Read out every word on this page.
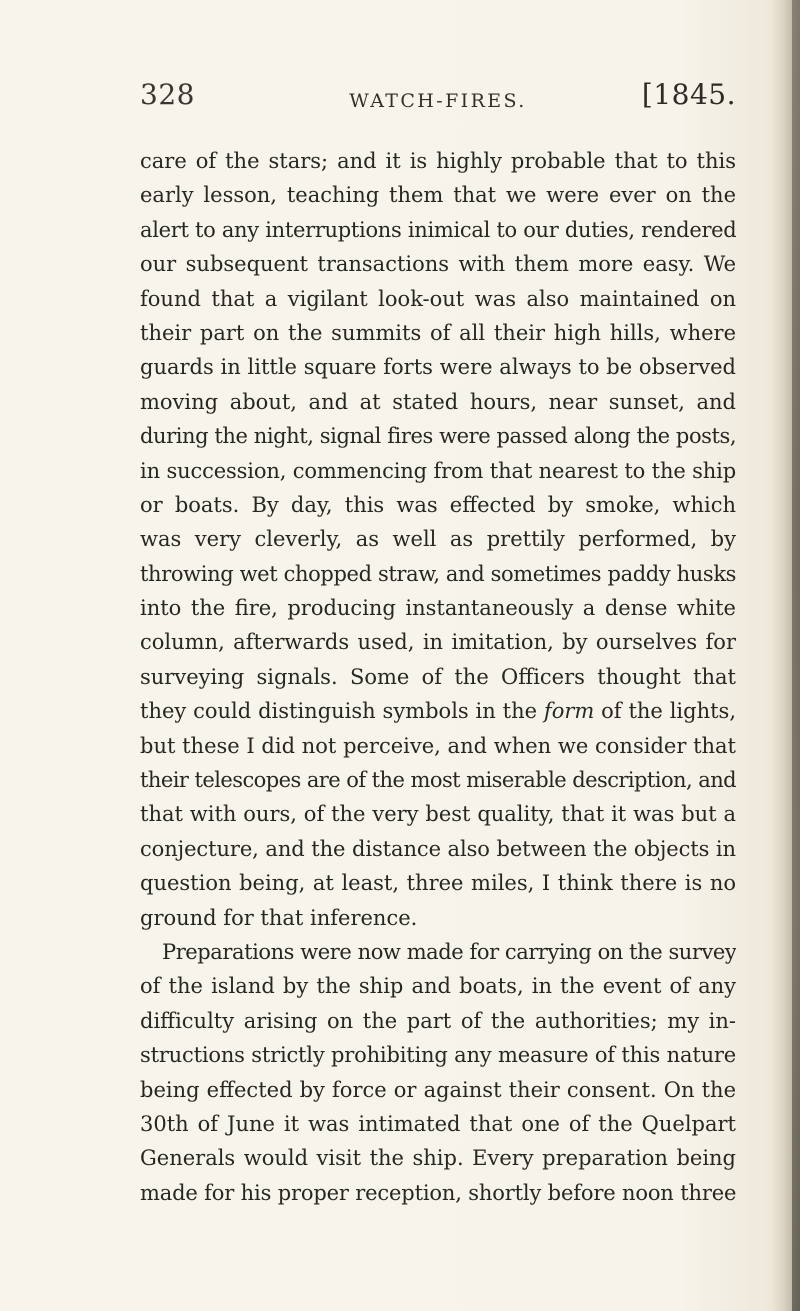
328	WATCH-FIRES.	[1845.
care of the stars; and it is highly probable that to this
early lesson, teaching them that we were ever on the
alert to any interruptions inimical to our duties, rendered
our subsequent transactions with them more easy. We
found that a vigilant look-out was also maintained on
their part on the summits of all their high hills, where
guards in little square forts were always to be observed
moving about, and at stated hours, near sunset, and
during the night, signal fires were passed along the posts,
in succession, commencing from that nearest to the ship
or boats. By day, this was effected by smoke, which
was very cleverly, as well as prettily performed, by
throwing wet chopped straw, and sometimes paddy husks
into the fire, producing instantaneously a dense white
column, afterwards used, in imitation, by ourselves for
surveying signals. Some of the Officers thought that
they could distinguish symbols in the form of the lights,
but these I did not perceive, and when we consider that
their telescopes are of the most miserable description, and
that with ours, of the very best quality, that it was but a
conjecture, and the distance also between the objects in
question being, at least, three miles, I think there is no
ground for that inference.
Preparations were now made for carrying on the survey
of the island by the ship and boats, in the event of any
difficulty arising on the part of the authorities; my in-
structions strictly prohibiting any measure of this nature
being effected by force or against their consent. On the
30th of June it was intimated that one of the Quelpart
Generals would visit the ship. Every preparation being
made for his proper reception, shortly before noon three
